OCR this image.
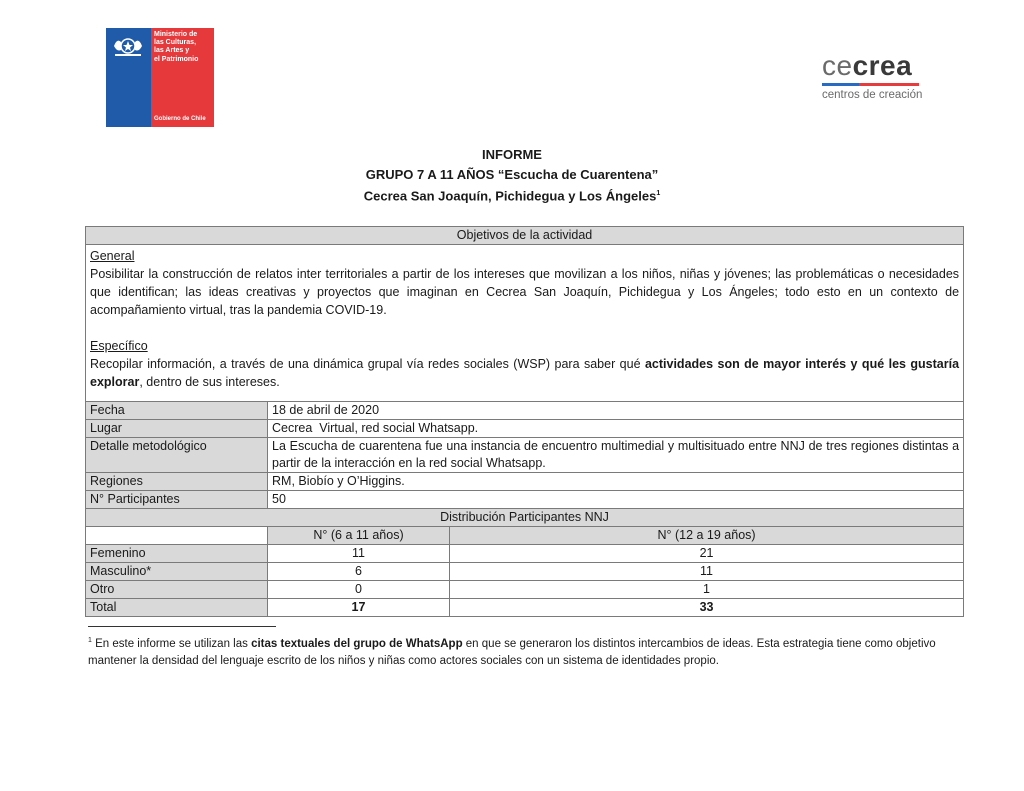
Ministerio de
las Culturas,
las Artes y
el Patrimonio
Gobierno de Chile
cecrea
centros de creación
INFORME
GRUPO 7 A 11 AÑOS “Escucha de Cuarentena”
Cecrea San Joaquín, Pichidegua y Los Ángeles$^1$
Objetivos de la actividad		

General
Posibilitar la construcción de relatos inter territoriales a partir de los intereses que movilizan a los niños, niñas y jóvenes; las problemáticas o necesidades que identifican; las ideas creativas y proyectos que imaginan en Cecrea San Joaquín, Pichidegua y Los Ángeles; todo esto en un contexto de acompañamiento virtual, tras la pandemia COVID-19.
Específico
Recopilar información, a través de una dinámica grupal vía redes sociales (WSP) para saber qué actividades son de mayor interés y qué les gustaría explorar, dentro de sus intereses.		

Fecha	18 de abril de 2020	
Lugar	Cecrea  Virtual, red social Whatsapp.	
Detalle metodológico	La Escucha de cuarentena fue una instancia de encuentro multimedial y multisituado entre NNJ de tres regiones distintas a partir de la interacción en la red social Whatsapp.	
Regiones	RM, Biobío y O’Higgins.	
N° Participantes	50	
Distribución Participantes NNJ		
	N° (6 a 11 años)	N° (12 a 19 años)
Femenino	11	21
Masculino*	6	11
Otro	0	1
Total	17	33
$^1$ En este informe se utilizan las citas textuales del grupo de WhatsApp en que se generaron los distintos intercambios de ideas. Esta estrategia tiene como objetivo mantener la densidad del lenguaje escrito de los niños y niñas como actores sociales con un sistema de identidades propio.
